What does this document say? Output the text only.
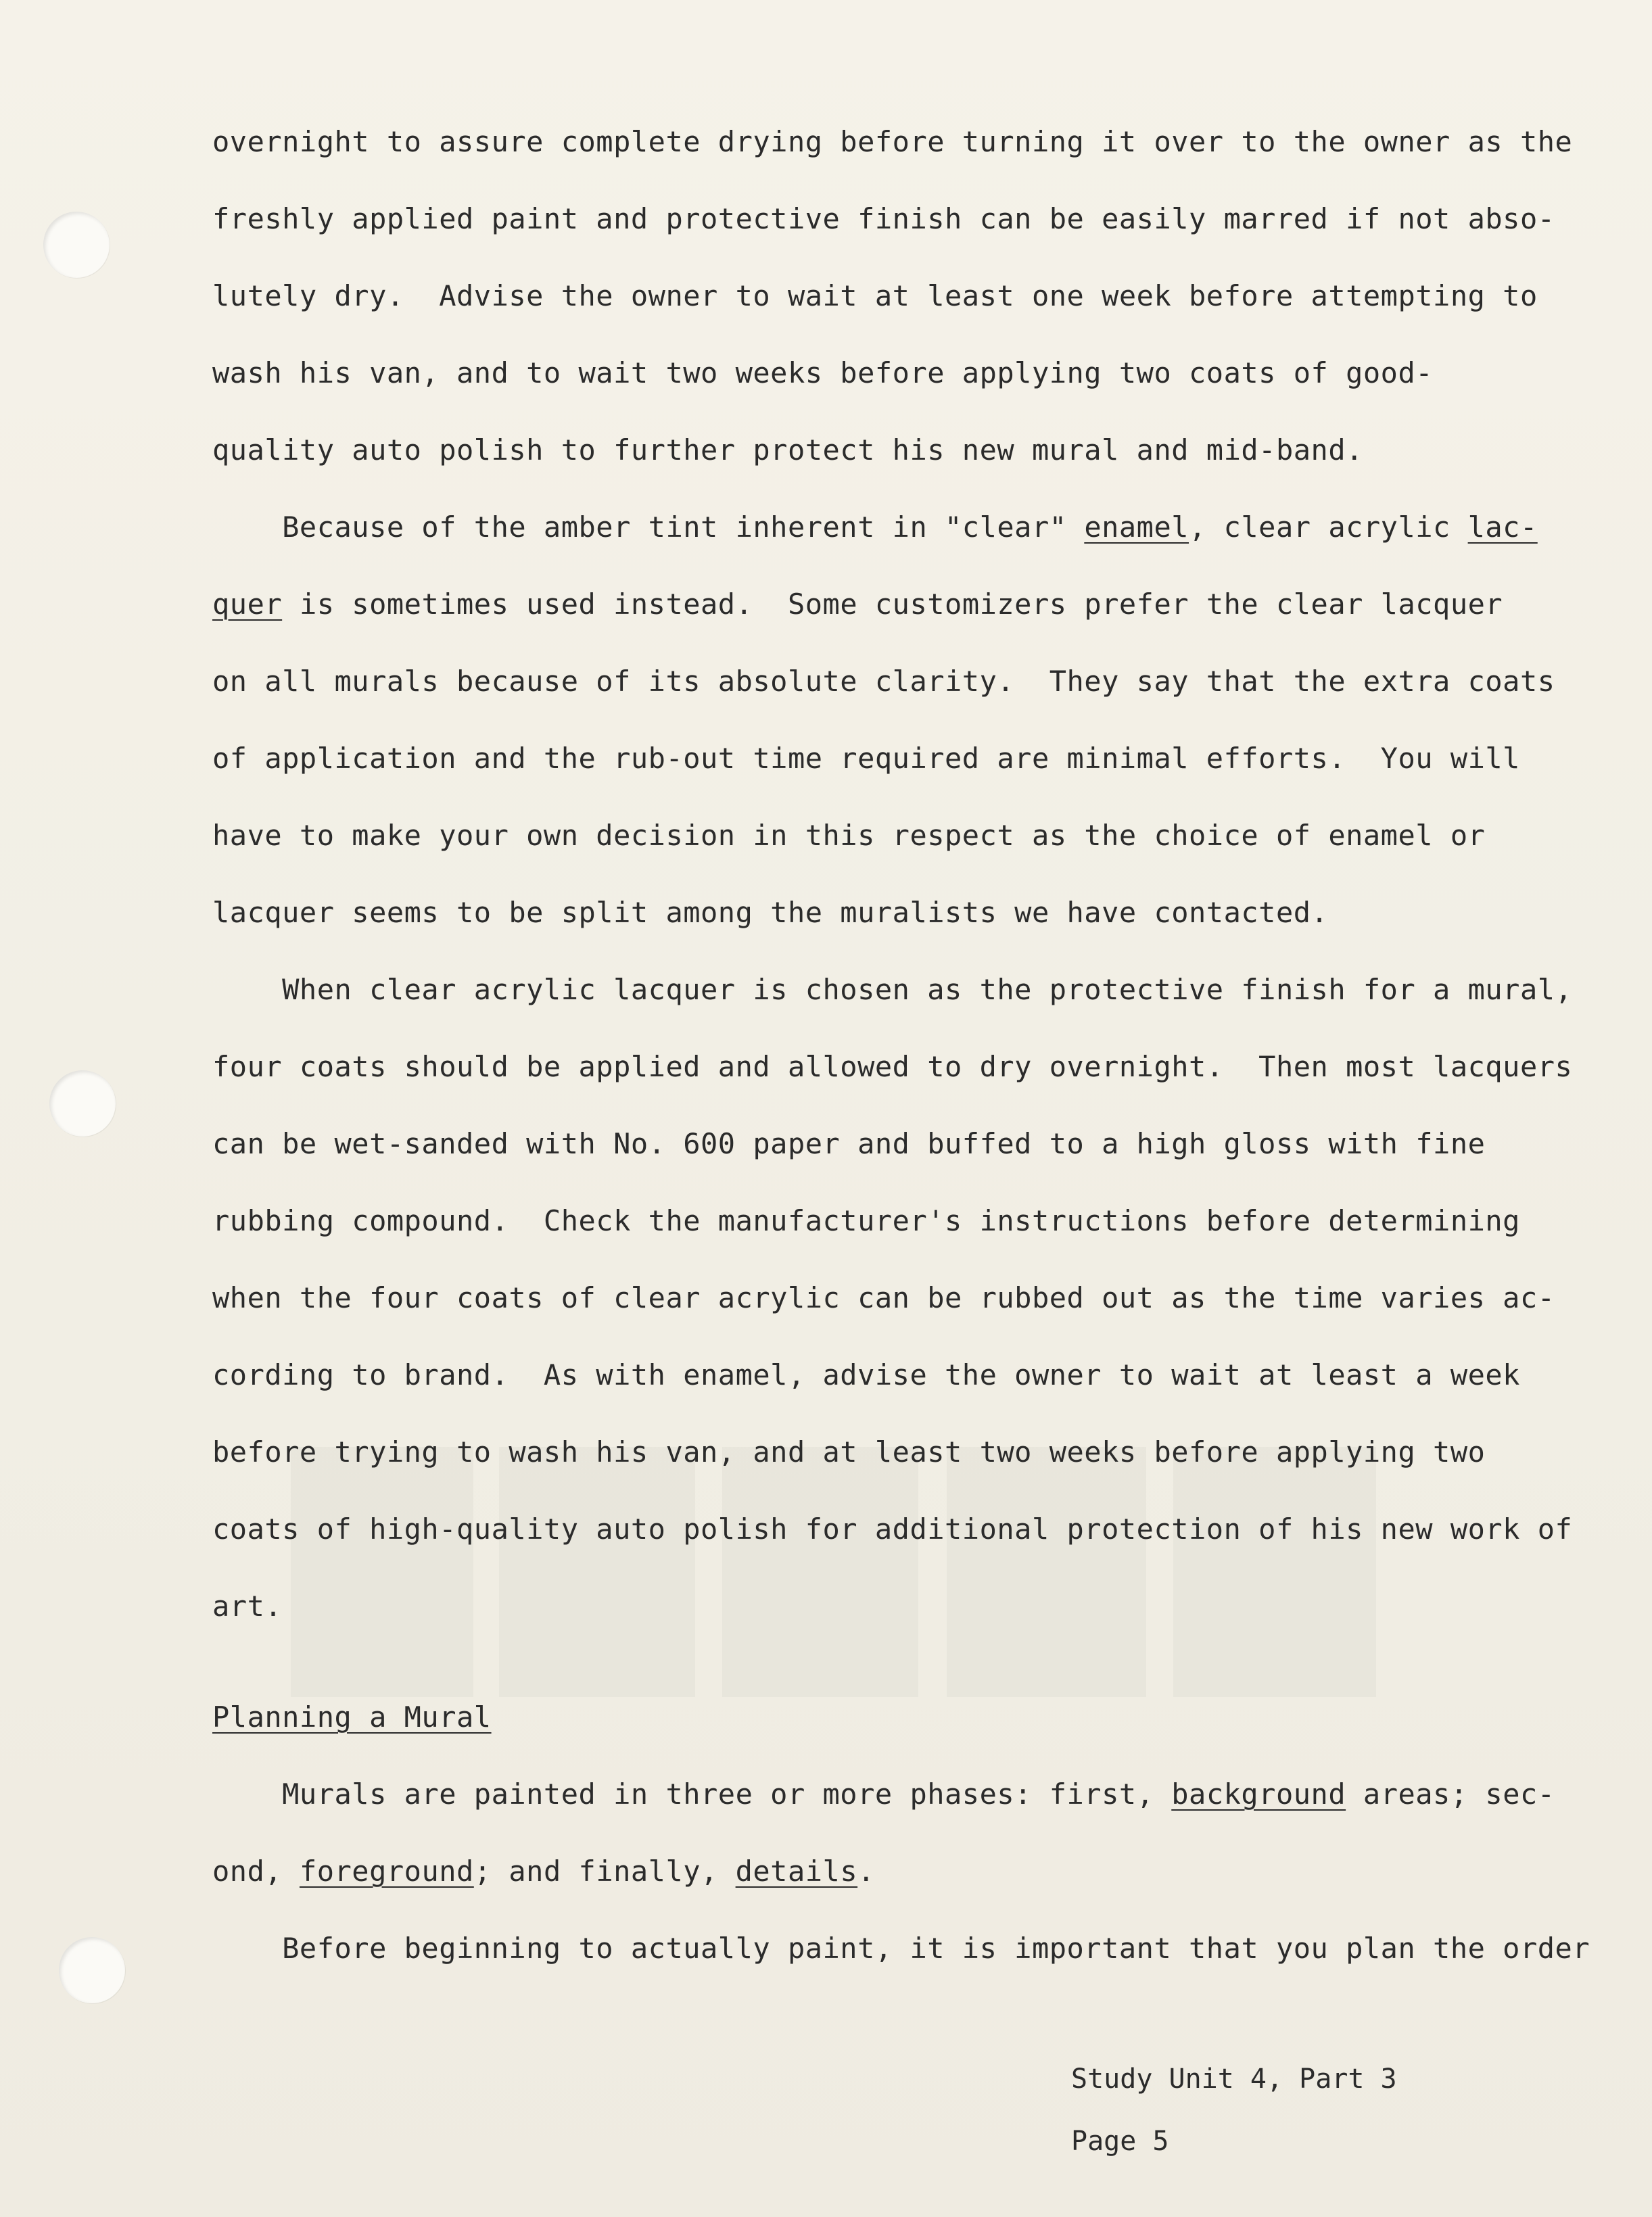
overnight to assure complete drying before turning it over to the owner as the
freshly applied paint and protective finish can be easily marred if not abso-
lutely dry.  Advise the owner to wait at least one week before attempting to
wash his van, and to wait two weeks before applying two coats of good-
quality auto polish to further protect his new mural and mid-band.
Because of the amber tint inherent in "clear" enamel, clear acrylic lac-
quer is sometimes used instead.  Some customizers prefer the clear lacquer
on all murals because of its absolute clarity.  They say that the extra coats
of application and the rub-out time required are minimal efforts.  You will
have to make your own decision in this respect as the choice of enamel or
lacquer seems to be split among the muralists we have contacted.
When clear acrylic lacquer is chosen as the protective finish for a mural,
four coats should be applied and allowed to dry overnight.  Then most lacquers
can be wet-sanded with No. 600 paper and buffed to a high gloss with fine
rubbing compound.  Check the manufacturer's instructions before determining
when the four coats of clear acrylic can be rubbed out as the time varies ac-
cording to brand.  As with enamel, advise the owner to wait at least a week
before trying to wash his van, and at least two weeks before applying two
coats of high-quality auto polish for additional protection of his new work of
art.
Planning a Mural
Murals are painted in three or more phases: first, background areas; sec-
ond, foreground; and finally, details.
Before beginning to actually paint, it is important that you plan the order
Study Unit 4, Part 3
Page 5
